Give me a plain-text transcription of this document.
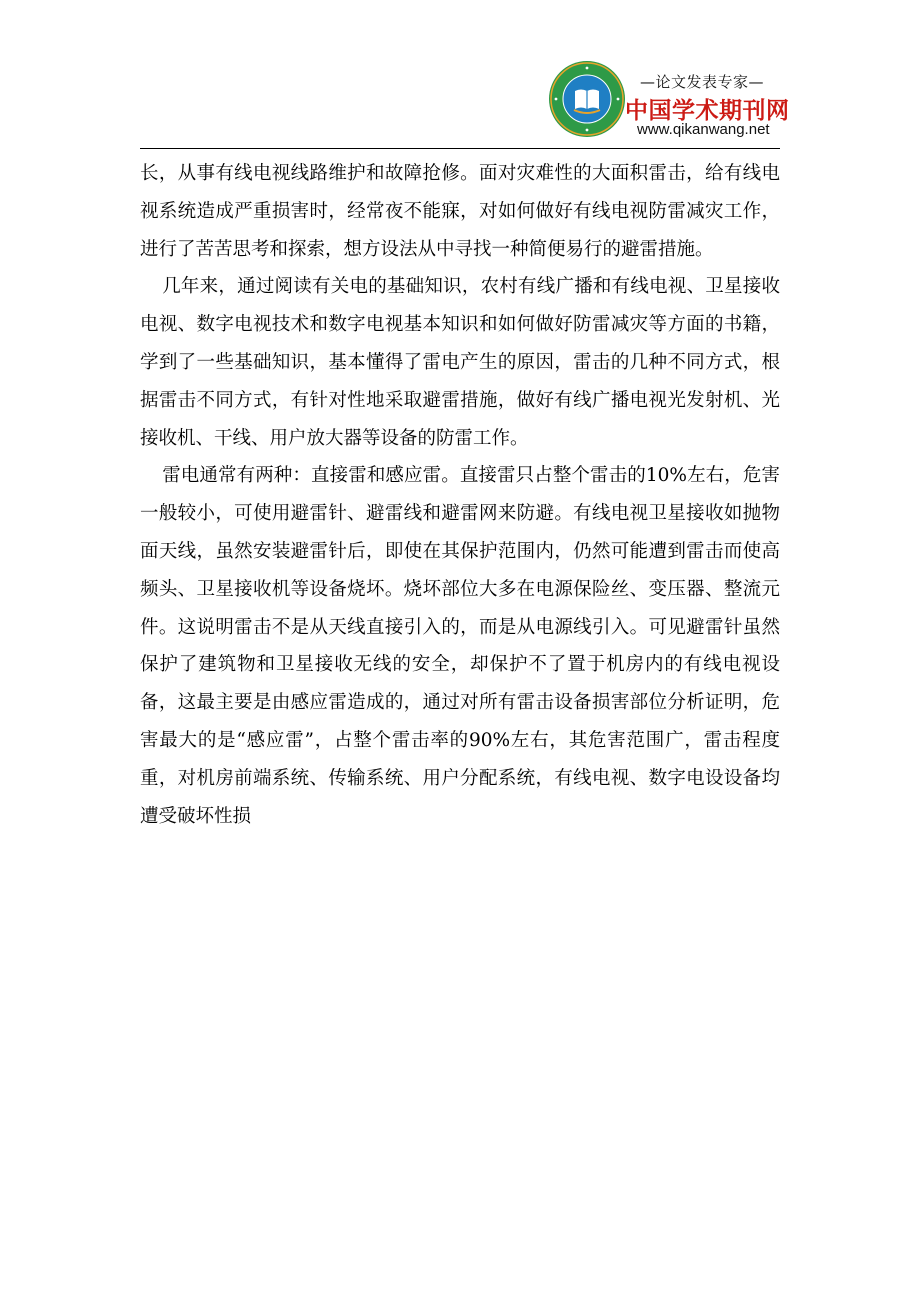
—论文发表专家—
中国学术期刊网
www.qikanwang.net

长，从事有线电视线路维护和故障抢修。面对灾难性的大面积雷击，给有线电视系统造成严重损害时，经常夜不能寐，对如何做好有线电视防雷减灾工作，进行了苦苦思考和探索，想方设法从中寻找一种简便易行的避雷措施。

几年来，通过阅读有关电的基础知识，农村有线广播和有线电视、卫星接收电视、数字电视技术和数字电视基本知识和如何做好防雷减灾等方面的书籍，学到了一些基础知识，基本懂得了雷电产生的原因，雷击的几种不同方式，根据雷击不同方式，有针对性地采取避雷措施，做好有线广播电视光发射机、光接收机、干线、用户放大器等设备的防雷工作。

雷电通常有两种：直接雷和感应雷。直接雷只占整个雷击的10%左右，危害一般较小，可使用避雷针、避雷线和避雷网来防避。有线电视卫星接收如抛物面天线，虽然安装避雷针后，即使在其保护范围内，仍然可能遭到雷击而使高频头、卫星接收机等设备烧坏。烧坏部位大多在电源保险丝、变压器、整流元件。这说明雷击不是从天线直接引入的，而是从电源线引入。可见避雷针虽然保护了建筑物和卫星接收无线的安全，却保护不了置于机房内的有线电视设备，这最主要是由感应雷造成的，通过对所有雷击设备损害部位分析证明，危害最大的是“感应雷”，占整个雷击率的90%左右，其危害范围广，雷击程度重，对机房前端系统、传输系统、用户分配系统，有线电视、数字电设设备均遭受破坏性损
